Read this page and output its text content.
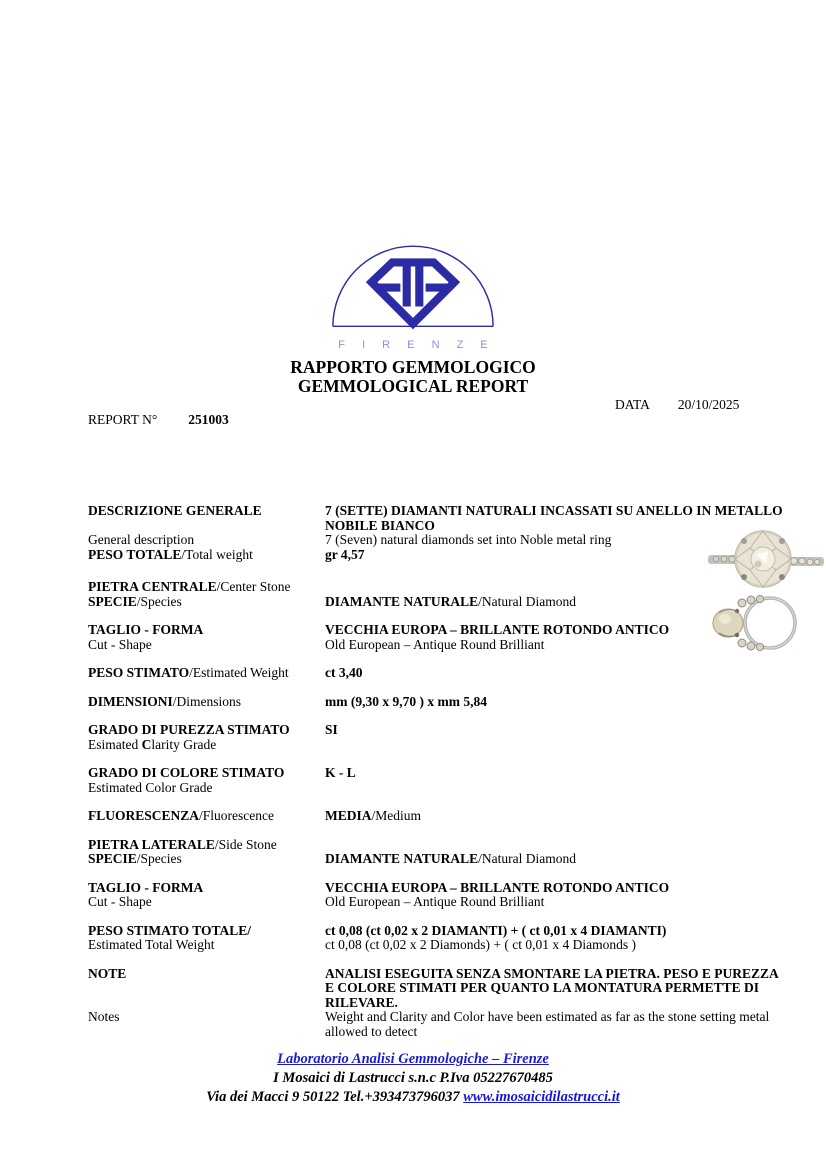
F I R E N Z E
RAPPORTO GEMMOLOGICO
GEMMOLOGICAL REPORT
DATA 20/10/2025
REPORT N° 251003
DESCRIZIONE GENERALE	7 (SETTE) DIAMANTI NATURALI INCASSATI SU ANELLO IN METALLO NOBILE BIANCO
General description	7 (Seven) natural diamonds set into Noble metal ring
PESO TOTALE/Total weight	gr 4,57
PIETRA CENTRALE/Center Stone
SPECIE/Species	DIAMANTE NATURALE/Natural Diamond
TAGLIO - FORMA	VECCHIA EUROPA – BRILLANTE ROTONDO ANTICO
Cut - Shape	Old European – Antique Round Brilliant
PESO STIMATO/Estimated Weight	ct 3,40
DIMENSIONI/Dimensions	mm (9,30 x 9,70 ) x mm 5,84
GRADO DI PUREZZA STIMATO	SI
Esimated Clarity Grade
GRADO DI COLORE STIMATO	K - L
Estimated Color Grade
FLUORESCENZA/Fluorescence	MEDIA/Medium
PIETRA LATERALE/Side Stone
SPECIE/Species	DIAMANTE NATURALE/Natural Diamond
TAGLIO - FORMA	VECCHIA EUROPA – BRILLANTE ROTONDO ANTICO
Cut - Shape	Old European – Antique Round Brilliant
PESO STIMATO TOTALE/	ct 0,08 (ct 0,02 x 2 DIAMANTI) + ( ct 0,01 x 4 DIAMANTI)
Estimated Total Weight	ct 0,08 (ct 0,02 x 2 Diamonds) + ( ct 0,01 x 4 Diamonds )
NOTE	ANALISI ESEGUITA SENZA SMONTARE LA PIETRA. PESO E PUREZZA E COLORE STIMATI PER QUANTO LA MONTATURA PERMETTE DI RILEVARE.
Notes	Weight and Clarity and Color have been estimated as far as the stone setting metal allowed to detect
Laboratorio Analisi Gemmologiche – Firenze
I Mosaici di Lastrucci s.n.c P.Iva 05227670485
Via dei Macci 9 50122 Tel.+393473796037 www.imosaicidilastrucci.it
